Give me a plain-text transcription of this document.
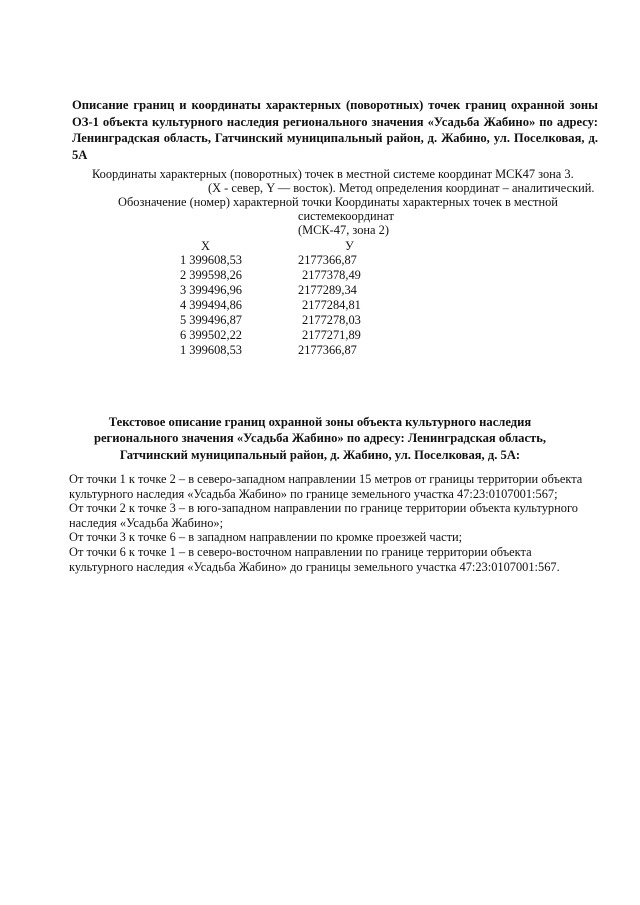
Описание границ и координаты характерных (поворотных) точек границ охранной зоны ОЗ-1 объекта культурного наследия регионального значения «Усадьба Жабино» по адресу: Ленинградская область, Гатчинский муниципальный район, д. Жабино, ул. Поселковая, д. 5А
Координаты характерных (поворотных) точек в местной системе координат МСК47 зона 3.
(X - север, Y — восток). Метод определения координат – аналитический.
Обозначение (номер) характерной точки Координаты характерных точек в местной
системекоординат
(МСК-47, зона 2)
X	У
1 399608,53	2177366,87
2 399598,26	2177378,49
3 399496,96	2177289,34
4 399494,86	2177284,81
5 399496,87	2177278,03
6 399502,22	2177271,89
1 399608,53	2177366,87
Текстовое описание границ охранной зоны объекта культурного наследия регионального значения «Усадьба Жабино» по адресу: Ленинградская область, Гатчинский муниципальный район, д. Жабино, ул. Поселковая, д. 5А:

От точки 1 к точке 2 – в северо-западном направлении 15 метров от границы территории объекта культурного наследия «Усадьба Жабино» по границе земельного участка 47:23:0107001:567;

От точки 2 к точке 3 – в юго-западном направлении по границе территории объекта культурного наследия «Усадьба Жабино»;

От точки 3 к точке 6 – в западном направлении по кромке проезжей части;

От точки 6 к точке 1 – в северо-восточном направлении по границе территории объекта культурного наследия «Усадьба Жабино» до границы земельного участка 47:23:0107001:567.
